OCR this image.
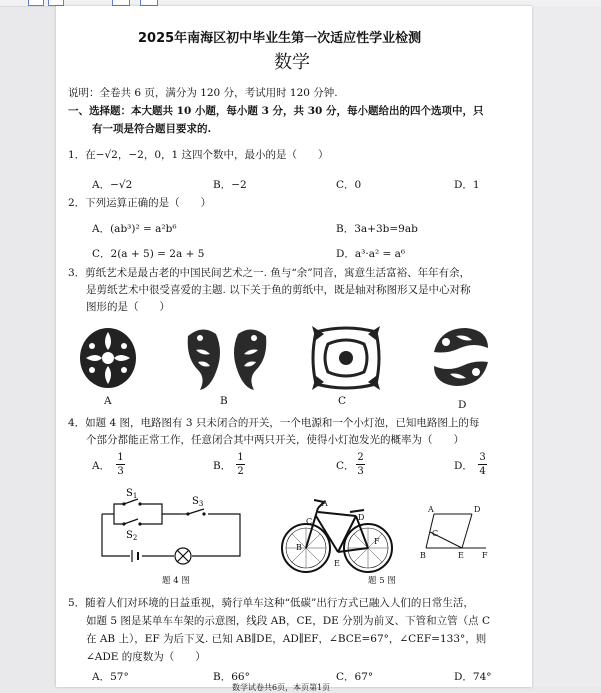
2025年南海区初中毕业生第一次适应性学业检测
数学
说明：全卷共 6 页，满分为 120 分，考试用时 120 分钟.
一、选择题：本大题共 10 小题，每小题 3 分，共 30 分，每小题给出的四个选项中，只
有一项是符合题目要求的.
1．在−√2，−2，0，1 这四个数中，最小的是（　　）
A．−√2	B．−2	C．0	D．1
2．下列运算正确的是（　　）
A．(ab³)² = a²b⁶	B．3a+3b=9ab
C．2(a + 5) = 2a + 5	D．a³·a² = a⁶
3．剪纸艺术是最古老的中国民间艺术之一. 鱼与“余”同音，寓意生活富裕、年年有余，
是剪纸艺术中很受喜爱的主题. 以下关于鱼的剪纸中，既是轴对称图形又是中心对称
图形的是（　　）
A	B	C	D
4．如题 4 图，电路图有 3 只未闭合的开关，一个电源和一个小灯泡，已知电路图上的每
个部分都能正常工作，任意闭合其中两只开关，使得小灯泡发光的概率为（　　）
A．
1
3	B．
1
2	C．
2
3	D．
3
4
$S_1$
$S_2$
$S_3$	A
D
C
B
E
F
A	D
C
B	E F
题 4 图	题 5 图
5．随着人们对环境的日益重视，骑行单车这种“低碳”出行方式已融入人们的日常生活，
如题 5 图是某单车车架的示意图，线段 AB，CE，DE 分别为前叉、下管和立管（点 C
在 AB 上），EF 为后下叉. 已知 AB∥DE，AD∥EF，∠BCE=67°，∠CEF=133°，则
∠ADE 的度数为（　　）
A．57°	B．66°	C．67°	D．74°
数学试卷共6页，本页第1页
